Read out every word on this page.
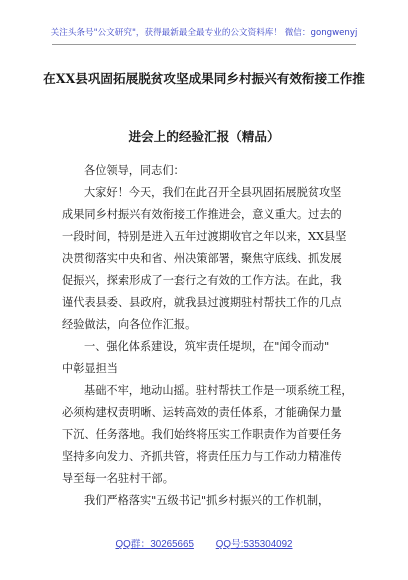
关注头条号"公文研究"，获得最新最全最专业的公文资料库！ 微信：gongwenyj
在XX县巩固拓展脱贫攻坚成果同乡村振兴有效衔接工作推
进会上的经验汇报（精品）
各位领导，同志们：
大家好！今天，我们在此召开全县巩固拓展脱贫攻坚
成果同乡村振兴有效衔接工作推进会，意义重大。过去的
一段时间，特别是进入五年过渡期收官之年以来，XX县坚
决贯彻落实中央和省、州决策部署，聚焦守底线、抓发展
促振兴，探索形成了一套行之有效的工作方法。在此，我
谨代表县委、县政府，就我县过渡期驻村帮扶工作的几点
经验做法，向各位作汇报。
一、强化体系建设，筑牢责任堤坝，在"闻令而动"
中彰显担当
基础不牢，地动山摇。驻村帮扶工作是一项系统工程，
必须构建权责明晰、运转高效的责任体系，才能确保力量
下沉、任务落地。我们始终将压实工作职责作为首要任务
坚持多向发力、齐抓共管，将责任压力与工作动力精准传
导至每一名驻村干部。
我们严格落实"五级书记"抓乡村振兴的工作机制，
QQ群：30265665 QQ号:535304092
